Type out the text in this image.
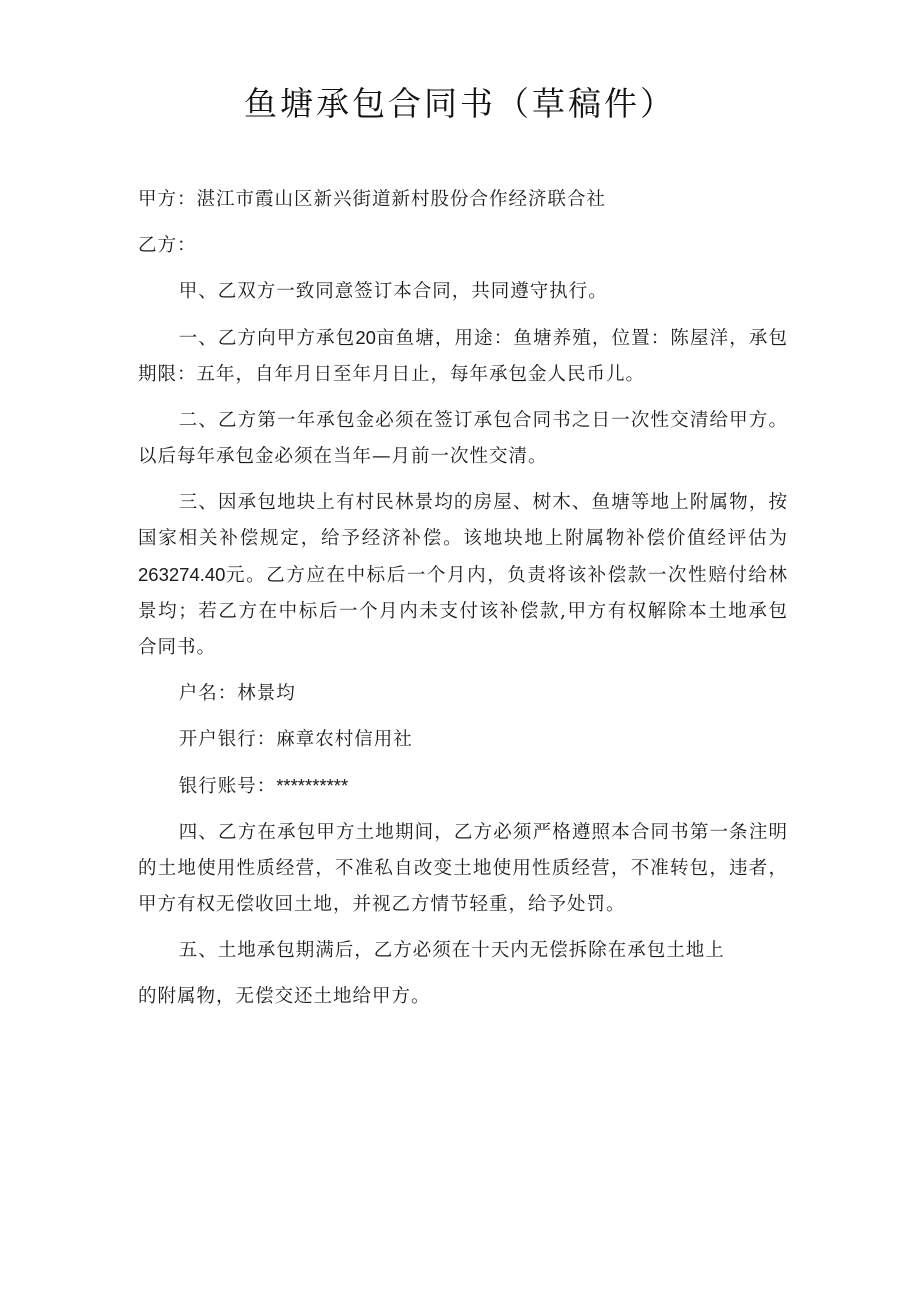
鱼塘承包合同书（草稿件）

甲方：湛江市霞山区新兴街道新村股份合作经济联合社

乙方：

甲、乙双方一致同意签订本合同，共同遵守执行。

一、乙方向甲方承包20亩鱼塘，用途：鱼塘养殖，位置：陈屋洋，承包期限：五年，自年月日至年月日止，每年承包金人民币儿。

二、乙方第一年承包金必须在签订承包合同书之日一次性交清给甲方。以后每年承包金必须在当年—月前一次性交清。

三、因承包地块上有村民林景均的房屋、树木、鱼塘等地上附属物，按国家相关补偿规定，给予经济补偿。该地块地上附属物补偿价值经评估为263274.40元。乙方应在中标后一个月内，负责将该补偿款一次性赔付给林景均；若乙方在中标后一个月内未支付该补偿款,甲方有权解除本土地承包合同书。

户名：林景均

开户银行：麻章农村信用社

银行账号：**********

四、乙方在承包甲方土地期间，乙方必须严格遵照本合同书第一条注明的土地使用性质经营，不准私自改变土地使用性质经营，不准转包，违者，甲方有权无偿收回土地，并视乙方情节轻重，给予处罚。

五、土地承包期满后，乙方必须在十天内无偿拆除在承包土地上

的附属物，无偿交还土地给甲方。
